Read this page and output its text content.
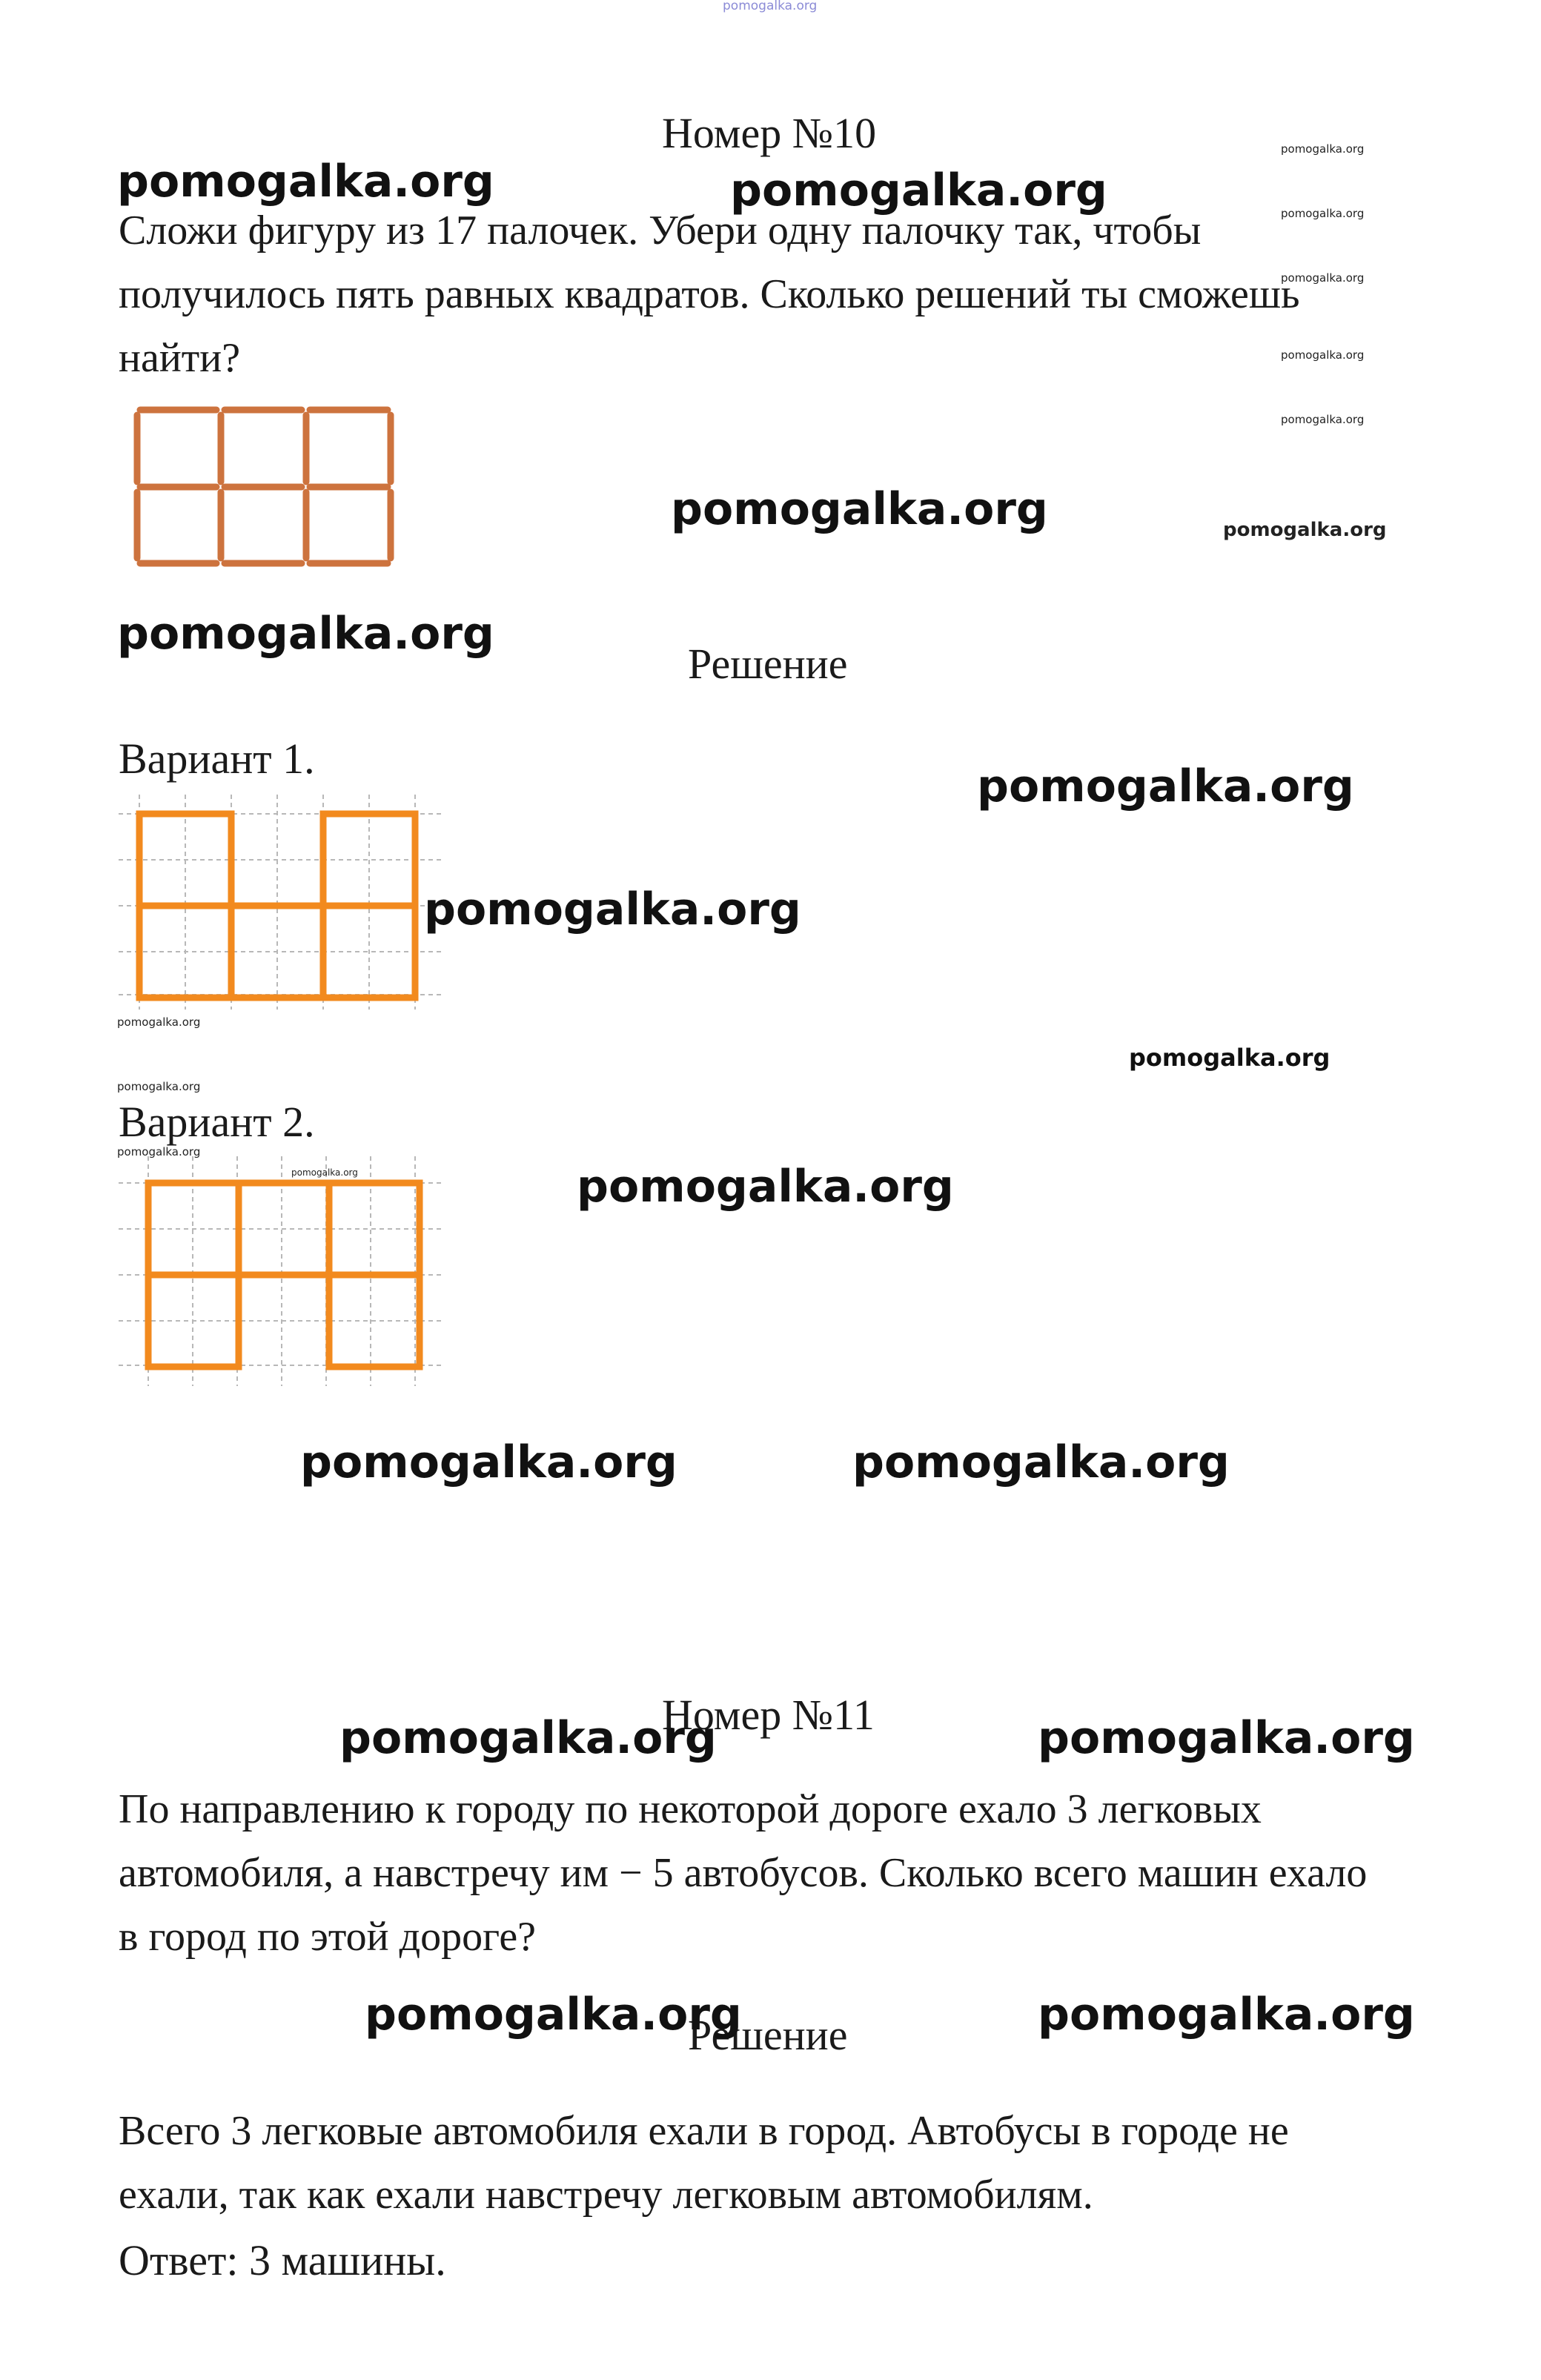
pomogalka.org
Номер №10
Сложи фигуру из 17 палочек. Убери одну палочку так, чтобы получилось пять равных квадратов. Сколько решений ты сможешь найти?
Решение
Вариант 1.
Вариант 2.
Номер №11
По направлению к городу по некоторой дороге ехало 3 легковых автомобиля, а навстречу им − 5 автобусов. Сколько всего машин ехало в город по этой дороге?
Решение
Всего 3 легковые автомобиля ехали в город. Автобусы в городе не ехали, так как ехали навстречу легковым автомобилям.
Ответ: 3 машины.
pomogalka.org	pomogalka.org
pomogalka.org
pomogalka.org
pomogalka.org
pomogalka.org
pomogalka.org
pomogalka.org	pomogalka.org
pomogalka.org	pomogalka.org
pomogalka.org	pomogalka.org
pomogalka.org
pomogalka.org
pomogalka.org
pomogalka.org
pomogalka.org
pomogalka.org
pomogalka.org
pomogalka.org
pomogalka.org
pomogalka.org
pomogalka.org
